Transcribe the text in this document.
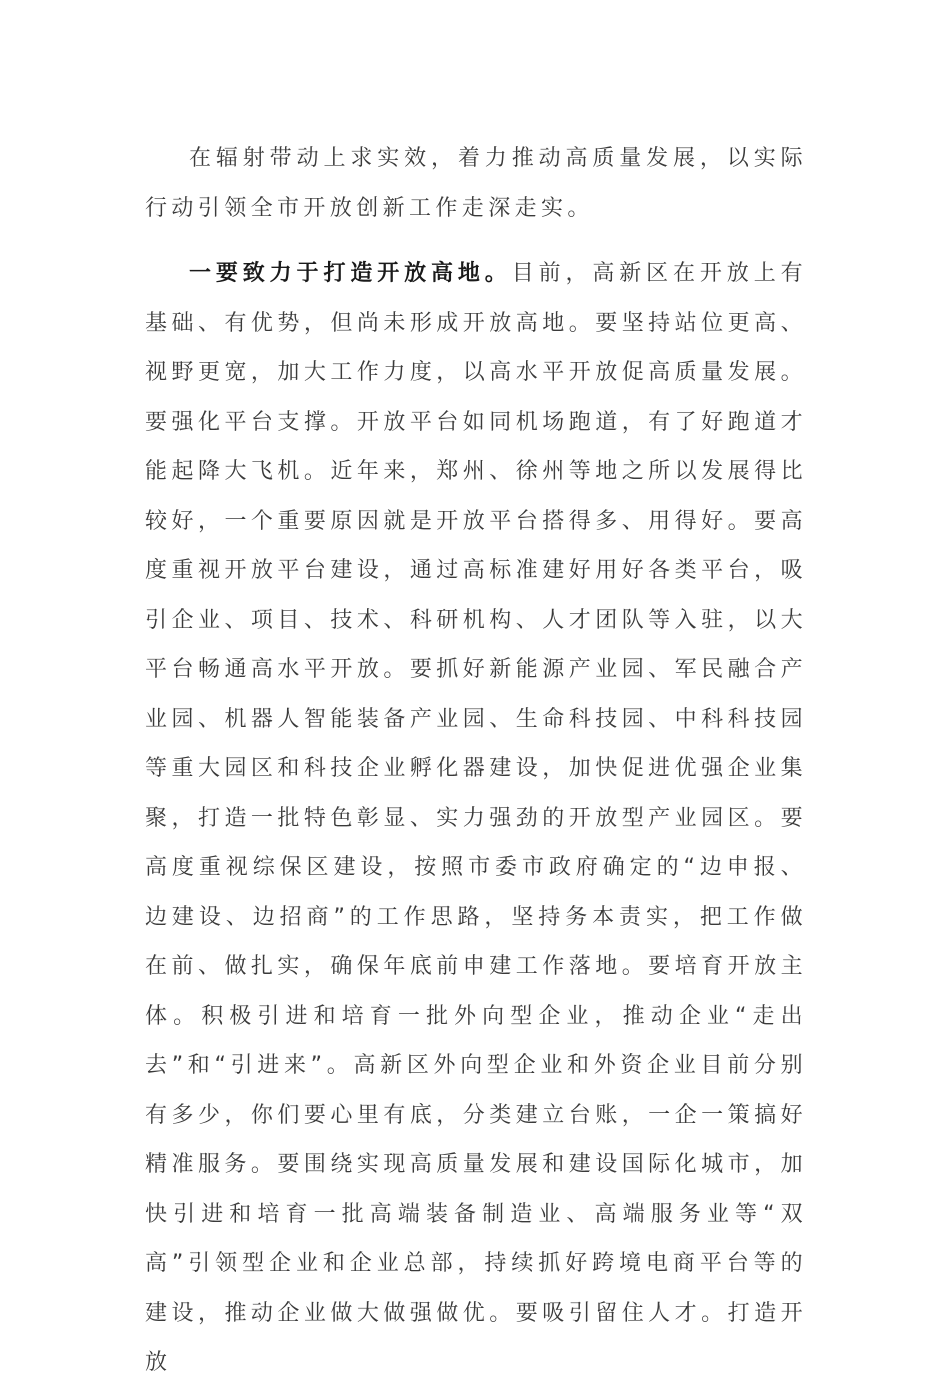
在辐射带动上求实效，着力推动高质量发展，以实际行动引领全市开放创新工作走深走实。

一要致力于打造开放高地。目前，高新区在开放上有基础、有优势，但尚未形成开放高地。要坚持站位更高、视野更宽，加大工作力度，以高水平开放促高质量发展。要强化平台支撑。开放平台如同机场跑道，有了好跑道才能起降大飞机。近年来，郑州、徐州等地之所以发展得比较好，一个重要原因就是开放平台搭得多、用得好。要高度重视开放平台建设，通过高标准建好用好各类平台，吸引企业、项目、技术、科研机构、人才团队等入驻，以大平台畅通高水平开放。要抓好新能源产业园、军民融合产业园、机器人智能装备产业园、生命科技园、中科科技园等重大园区和科技企业孵化器建设，加快促进优强企业集聚，打造一批特色彰显、实力强劲的开放型产业园区。要高度重视综保区建设，按照市委市政府确定的“边申报、边建设、边招商”的工作思路，坚持务本责实，把工作做在前、做扎实，确保年底前申建工作落地。要培育开放主体。积极引进和培育一批外向型企业，推动企业“走出去”和“引进来”。高新区外向型企业和外资企业目前分别有多少，你们要心里有底，分类建立台账，一企一策搞好精准服务。要围绕实现高质量发展和建设国际化城市，加快引进和培育一批高端装备制造业、高端服务业等“双高”引领型企业和企业总部，持续抓好跨境电商平台等的建设，推动企业做大做强做优。要吸引留住人才。打造开放
